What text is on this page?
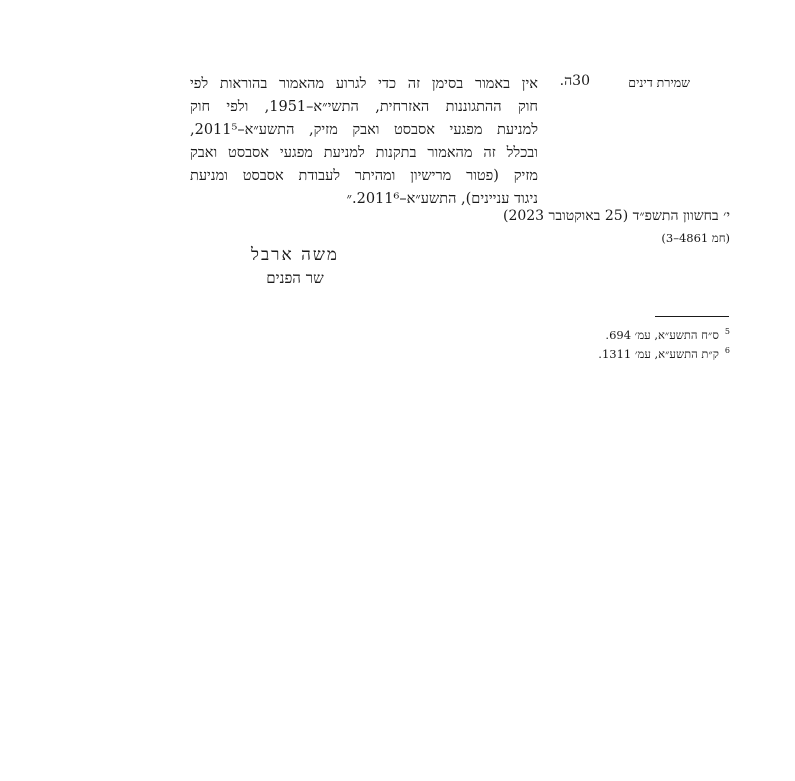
שמירת דינים
30ה.
אין באמור בסימן זה כדי לגרוע מהאמור בהוראות לפי
חוק ההתגוננות האזרחית, התשי״א–1951, ולפי חוק
למניעת מפגעי אסבסט ואבק מזיק, התשע״א–2011⁵,
ובכלל זה מהאמור בתקנות למניעת מפגעי אסבסט ואבק
מזיק (פטור מרישיון ומהיתר לעבודת אסבסט ומניעת
ניגוד עניינים), התשע״א–2011⁶.״
י׳ בחשוון התשפ״ד (25 באוקטובר 2023)
(חמ 4861–3)
משה ארבל
שר הפנים
$^5$ס״ח התשע״א, עמ׳ 694.
$^6$ק״ת התשע״א, עמ׳ 1311.
